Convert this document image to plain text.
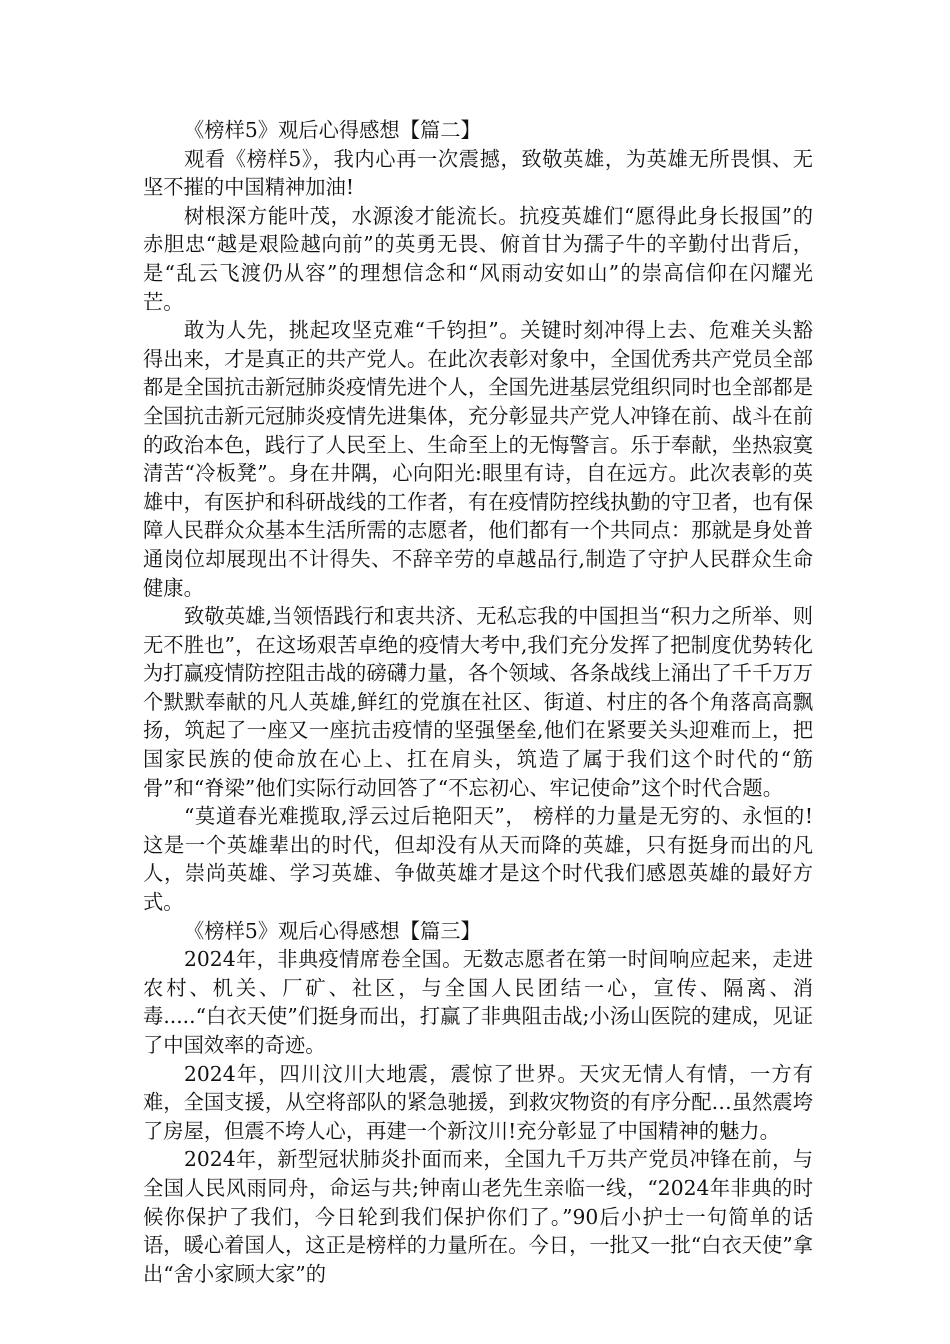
《榜样5》观后心得感想【篇二】

观看《榜样5》，我内心再一次震撼，致敬英雄，为英雄无所畏惧、无坚不摧的中国精神加油!

树根深方能叶茂，水源浚才能流长。抗疫英雄们“愿得此身长报国”的赤胆忠“越是艰险越向前”的英勇无畏、俯首甘为孺子牛的辛勤付出背后，是“乱云飞渡仍从容”的理想信念和“风雨动安如山”的崇高信仰在闪耀光芒。

敢为人先，挑起攻坚克难“千钧担”。关键时刻冲得上去、危难关头豁得出来，才是真正的共产党人。在此次表彰对象中，全国优秀共产党员全部都是全国抗击新冠肺炎疫情先进个人，全国先进基层党组织同时也全部都是全国抗击新元冠肺炎疫情先进集体，充分彰显共产党人冲锋在前、战斗在前的政治本色，践行了人民至上、生命至上的无悔警言。乐于奉献，坐热寂寞清苦“冷板凳”。身在井隅，心向阳光:眼里有诗，自在远方。此次表彰的英雄中，有医护和科研战线的工作者，有在疫情防控线执勤的守卫者，也有保障人民群众众基本生活所需的志愿者，他们都有一个共同点：那就是身处普通岗位却展现出不计得失、不辞辛劳的卓越品行,制造了守护人民群众生命健康。

致敬英雄,当领悟践行和衷共济、无私忘我的中国担当“积力之所举、则无不胜也”，在这场艰苦卓绝的疫情大考中,我们充分发挥了把制度优势转化为打赢疫情防控阻击战的磅礴力量，各个领域、各条战线上涌出了千千万万个默默奉献的凡人英雄,鲜红的党旗在社区、街道、村庄的各个角落高高飘扬，筑起了一座又一座抗击疫情的坚强堡垒,他们在紧要关头迎难而上，把国家民族的使命放在心上、扛在肩头，筑造了属于我们这个时代的“筋骨”和“脊梁”他们实际行动回答了“不忘初心、牢记使命”这个时代合题。

“莫道春光难揽取,浮云过后艳阳天”， 榜样的力量是无穷的、永恒的!这是一个英雄辈出的时代，但却没有从天而降的英雄，只有挺身而出的凡人，崇尚英雄、学习英雄、争做英雄才是这个时代我们感恩英雄的最好方式。

《榜样5》观后心得感想【篇三】

2024年，非典疫情席卷全国。无数志愿者在第一时间响应起来，走进农村、机关、厂矿、社区，与全国人民团结一心，宣传、隔离、消毒.....“白衣天使”们挺身而出，打赢了非典阻击战;小汤山医院的建成，见证了中国效率的奇迹。

2024年，四川汶川大地震，震惊了世界。天灾无情人有情，一方有难，全国支援，从空将部队的紧急驰援，到救灾物资的有序分配…虽然震垮了房屋，但震不垮人心，再建一个新汶川!充分彰显了中国精神的魅力。

2024年，新型冠状肺炎扑面而来，全国九千万共产党员冲锋在前，与全国人民风雨同舟，命运与共;钟南山老先生亲临一线，“2024年非典的时候你保护了我们，今日轮到我们保护你们了。”90后小护士一句简单的话语，暖心着国人，这正是榜样的力量所在。今日，一批又一批“白衣天使”拿出“舍小家顾大家”的
